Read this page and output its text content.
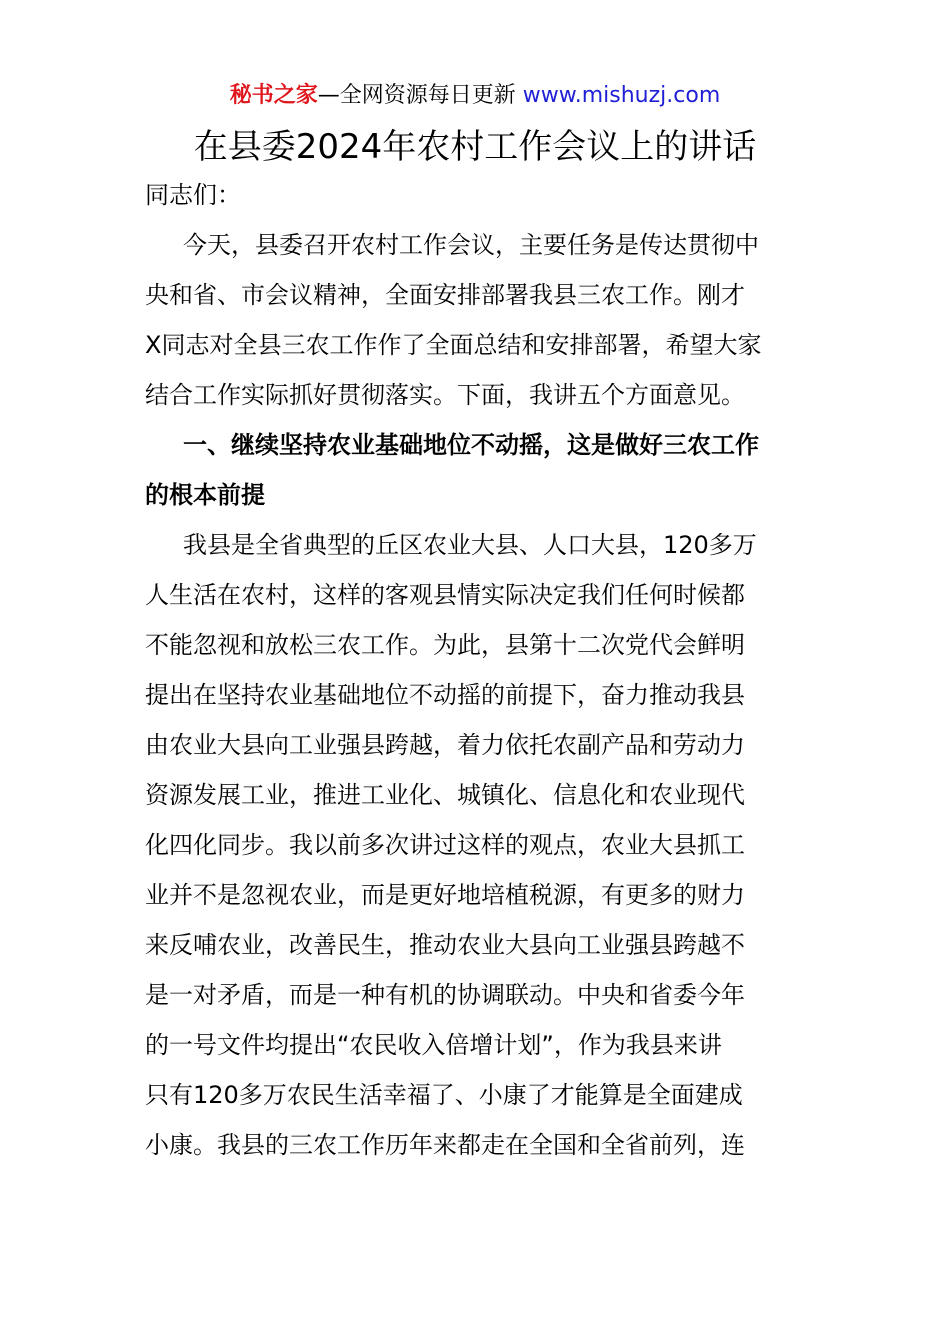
秘书之家—全网资源每日更新 www.mishuzj.com
在县委2024年农村工作会议上的讲话
同志们：
今天，县委召开农村工作会议，主要任务是传达贯彻中
央和省、市会议精神，全面安排部署我县三农工作。刚才
X同志对全县三农工作作了全面总结和安排部署，希望大家
结合工作实际抓好贯彻落实。下面，我讲五个方面意见。
一、继续坚持农业基础地位不动摇，这是做好三农工作
的根本前提
我县是全省典型的丘区农业大县、人口大县，120多万
人生活在农村，这样的客观县情实际决定我们任何时候都
不能忽视和放松三农工作。为此，县第十二次党代会鲜明
提出在坚持农业基础地位不动摇的前提下，奋力推动我县
由农业大县向工业强县跨越，着力依托农副产品和劳动力
资源发展工业，推进工业化、城镇化、信息化和农业现代
化四化同步。我以前多次讲过这样的观点，农业大县抓工
业并不是忽视农业，而是更好地培植税源，有更多的财力
来反哺农业，改善民生，推动农业大县向工业强县跨越不
是一对矛盾，而是一种有机的协调联动。中央和省委今年
的一号文件均提出“农民收入倍增计划”，作为我县来讲
只有120多万农民生活幸福了、小康了才能算是全面建成
小康。我县的三农工作历年来都走在全国和全省前列，连
